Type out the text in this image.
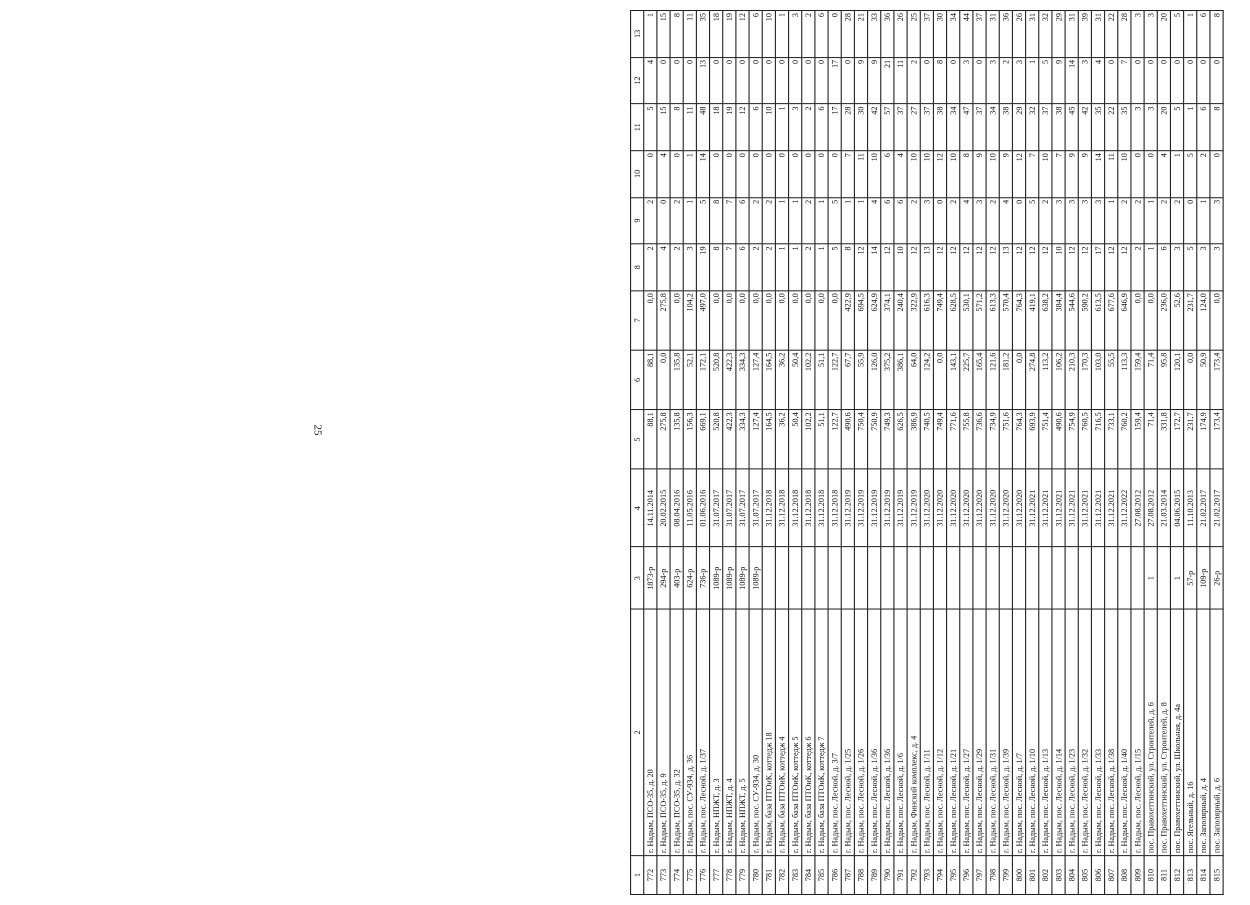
25
1	2	3	4	5	6	7	8	9	10	11	12	13
772	г. Надым, ПСО-35, д. 20	1873-р	14.11.2014	88,1	88,1	0,0	2	2	0	5	4	1
773	г. Надым, ПСО-35, д. 9	294-р	20.02.2015	275,8	0,0	275,8	4	0	4	15	0	15
774	г. Надым, ПСО-35, д. 32	403-р	08.04.2016	135,8	135,8	0,0	2	2	0	8	0	8
775	г. Надым, пос. СУ-934, д. 36	624-р	11.05.2016	156,3	52,1	104,2	3	1	1	11	0	11
776	г. Надым, пос. Лесной, д. 1/37	736-р	01.06.2016	669,1	172,1	497,0	19	5	14	48	13	35
777	г. Надым, НПЖТ, д. 3	1089-р	31.07.2017	520,8	520,8	0,0	8	8	0	18	0	18
778	г. Надым, НПЖТ, д. 4	1089-р	31.07.2017	422,3	422,3	0,0	7	7	0	19	0	19
779	г. Надым, НПЖТ, д. 5	1089-р	31.07.2017	334,3	334,3	0,0	6	6	0	12	0	12
780	г. Надым, пос. СУ-934, д. 30	1089-р	31.07.2017	127,4	127,4	0,0	2	2	0	6	0	6
781	г. Надым, база ПТОиК, коттедж 18		31.12.2018	164,5	164,5	0,0	2	2	0	10	0	10
782	г. Надым, база ПТОиК, коттедж 4		31.12.2018	36,2	36,2	0,0	1	1	0	1	0	1
783	г. Надым, база ПТОиК, коттедж 5		31.12.2018	50,4	50,4	0,0	1	1	0	3	0	3
784	г. Надым, база ПТОиК, коттедж 6		31.12.2018	102,2	102,2	0,0	2	2	0	2	0	2
785	г. Надым, база ПТОиК, коттедж 7		31.12.2018	51,1	51,1	0,0	1	1	0	6	0	6
786	г. Надым, пос. Лесной, д. 3/7		31.12.2018	122,7	122,7	0,0	5	5	0	17	17	0
787	г. Надым, пос. Лесной, д. 1/25		31.12.2019	490,6	67,7	422,9	8	1	7	28	0	28
788	г. Надым, пос. Лесной, д. 1/26		31.12.2019	750,4	55,9	694,5	12	1	11	30	9	21
789	г. Надым, пос. Лесной, д. 1/36		31.12.2019	750,9	126,0	624,9	14	4	10	42	9	33
790	г. Надым, пос. Лесной, д. 1/36		31.12.2019	749,3	375,2	374,1	12	6	6	57	21	36
791	г. Надым, пос. Лесной, д. 1/6		31.12.2019	626,5	386,1	240,4	10	6	4	37	11	26
792	г. Надым, Финский комплекс, д. 4		31.12.2019	386,9	64,0	322,9	12	2	10	27	2	25
793	г. Надым, пос. Лесной, д. 1/11		31.12.2020	740,5	124,2	616,3	13	3	10	37	0	37
794	г. Надым, пос. Лесной, д. 1/12		31.12.2020	749,4	0,0	749,4	12	0	12	38	8	30
795	г. Надым, пос. Лесной, д. 1/21		31.12.2020	771,6	143,1	628,5	12	2	10	34	0	34
796	г. Надым, пос. Лесной, д. 1/27		31.12.2020	755,8	225,7	530,1	12	4	8	47	3	44
797	г. Надым, пос. Лесной, д. 1/29		31.12.2020	736,6	165,4	571,2	12	3	9	37	0	37
798	г. Надым, пос. Лесной, д. 1/31		31.12.2020	734,9	121,6	613,3	12	2	10	34	3	31
799	г. Надым, пос. Лесной, д. 1/39		31.12.2020	751,6	181,2	570,4	13	4	9	38	2	36
800	г. Надым, пос. Лесной, д. 1/7		31.12.2020	764,3	0,0	764,3	12	0	12	29	3	26
801	г. Надым, пос. Лесной, д. 1/10		31.12.2021	693,9	274,8	419,1	12	5	7	32	1	31
802	г. Надым, пос. Лесной, д. 1/13		31.12.2021	751,4	113,2	638,2	12	2	10	37	5	32
803	г. Надым, пос. Лесной, д. 1/14		31.12.2021	490,6	106,2	384,4	10	3	7	38	9	29
804	г. Надым, пос. Лесной, д. 1/23		31.12.2021	754,9	210,3	544,6	12	3	9	45	14	31
805	г. Надым, пос. Лесной, д. 1/32		31.12.2021	760,5	170,3	590,2	12	3	9	42	3	39
806	г. Надым, пос. Лесной, д. 1/33		31.12.2021	716,5	103,0	613,5	17	3	14	35	4	31
807	г. Надым, пос. Лесной, д. 1/38		31.12.2021	733,1	55,5	677,6	12	1	11	22	0	22
808	г. Надым, пос. Лесной, д. 1/40		31.12.2022	760,2	113,3	646,9	12	2	10	35	7	28
809	г. Надым, пос. Лесной, д. 1/15		27.08.2012	159,4	159,4	0,0	2	2	0	3	0	3
810	пос. Правохеттинский, ул. Строителей, д. 6	1	27.08.2012	71,4	71,4	0,0	1	1	0	3	0	3
811	пос. Правохеттинский, ул. Строителей, д. 8		21.03.2014	331,8	95,8	236,0	6	2	4	20	0	20
812	пос. Правохеттинский, ул. Школьная, д. 4а	1	04.06.2015	172,7	120,1	52,6	3	2	1	5	0	5
813	пос. Ягельный, д. 16	57-р	11.10.2013	231,7	0,0	231,7	5	0	5	1	0	1
814	пос. Заполярный, д. 4	109-р	21.02.2017	174,9	50,9	124,0	3	1	2	6	0	6
815	пос. Заполярный, д. 6	26-р	21.02.2017	173,4	173,4	0,0	3	3	0	8	0	8
